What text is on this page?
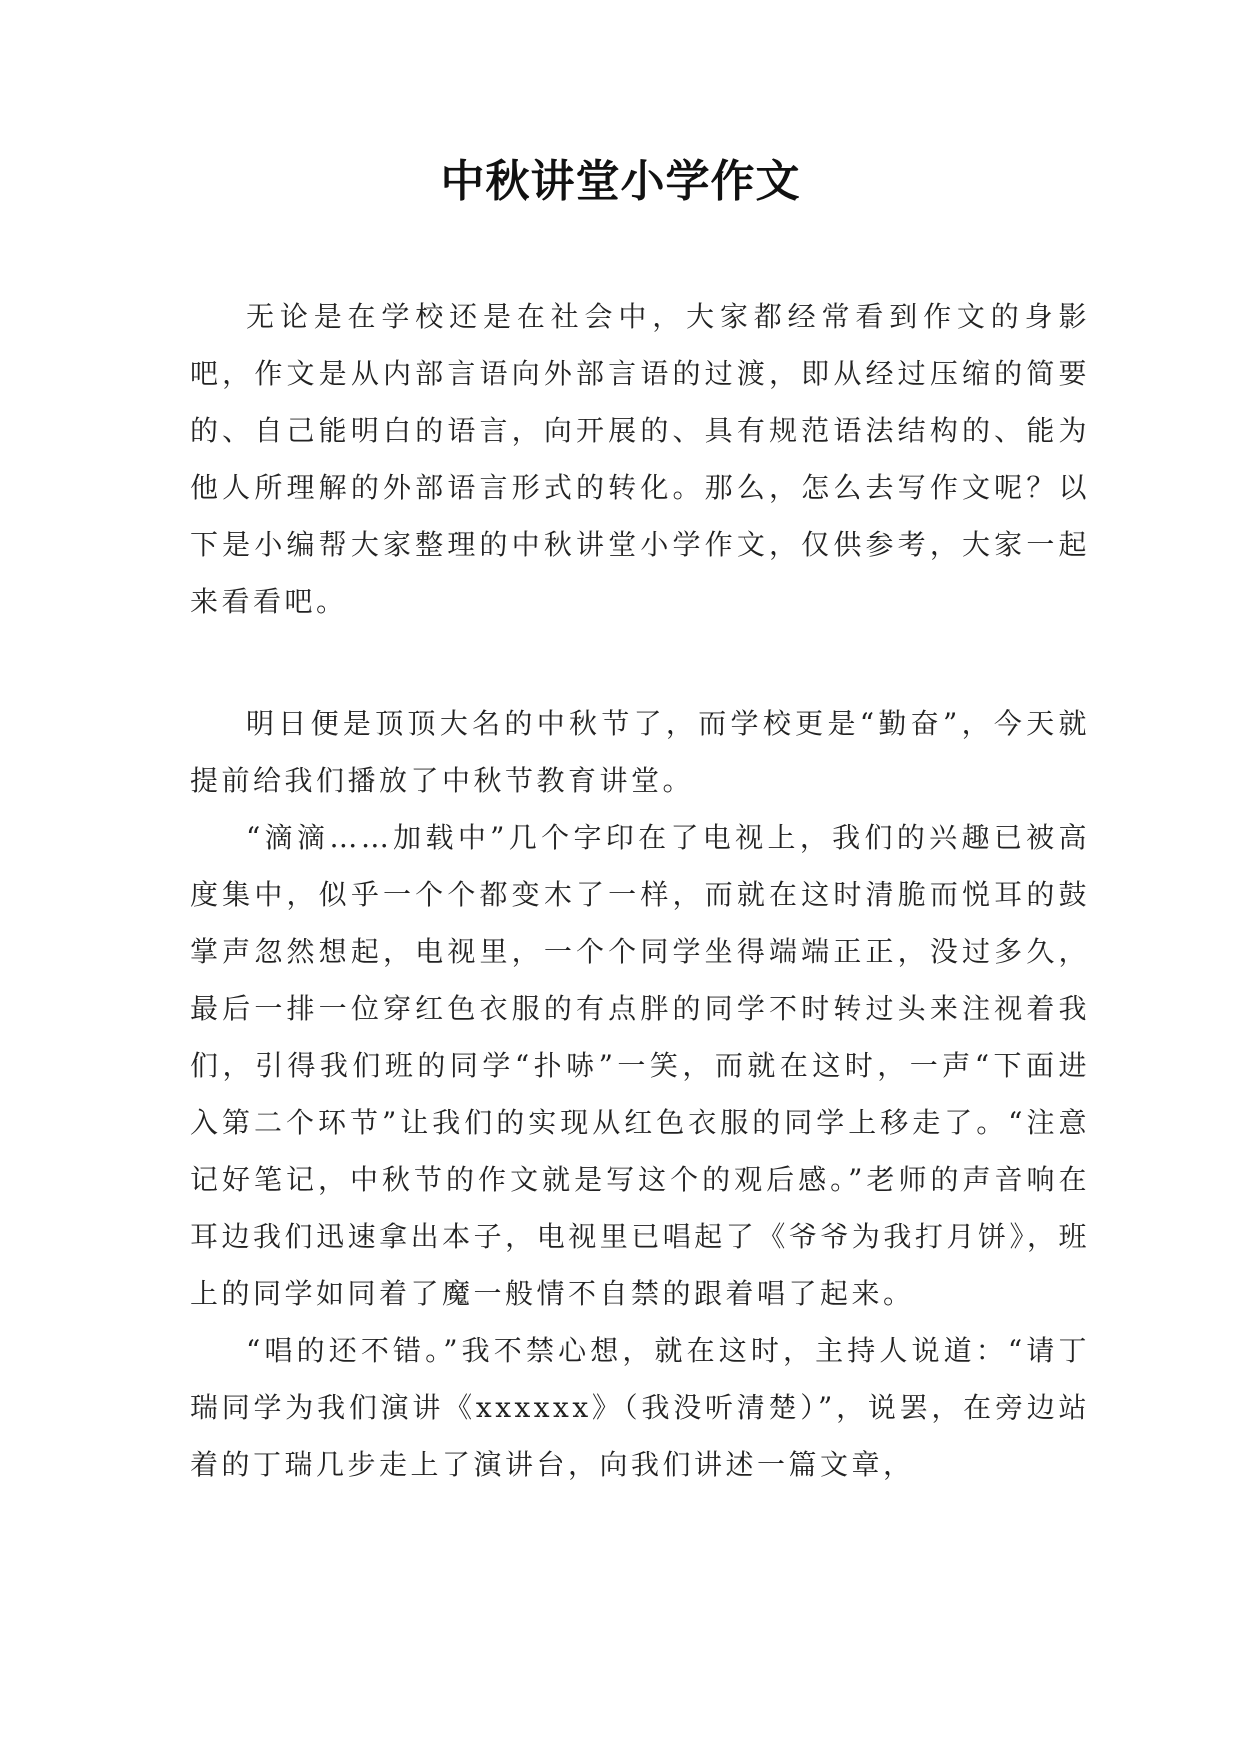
中秋讲堂小学作文

无论是在学校还是在社会中，大家都经常看到作文的身影吧，作文是从内部言语向外部言语的过渡，即从经过压缩的简要的、自己能明白的语言，向开展的、具有规范语法结构的、能为他人所理解的外部语言形式的转化。那么，怎么去写作文呢？以下是小编帮大家整理的中秋讲堂小学作文，仅供参考，大家一起来看看吧。

明日便是顶顶大名的中秋节了，而学校更是“勤奋”，今天就提前给我们播放了中秋节教育讲堂。

“滴滴……加载中”几个字印在了电视上，我们的兴趣已被高度集中，似乎一个个都变木了一样，而就在这时清脆而悦耳的鼓掌声忽然想起，电视里，一个个同学坐得端端正正，没过多久，最后一排一位穿红色衣服的有点胖的同学不时转过头来注视着我们，引得我们班的同学“扑哧”一笑，而就在这时，一声“下面进入第二个环节”让我们的实现从红色衣服的同学上移走了。“注意记好笔记，中秋节的作文就是写这个的观后感。”老师的声音响在耳边我们迅速拿出本子，电视里已唱起了《爷爷为我打月饼》，班上的同学如同着了魔一般情不自禁的跟着唱了起来。

“唱的还不错。”我不禁心想，就在这时，主持人说道：“请丁瑞同学为我们演讲《xxxxxx》（我没听清楚）”，说罢，在旁边站着的丁瑞几步走上了演讲台，向我们讲述一篇文章，
